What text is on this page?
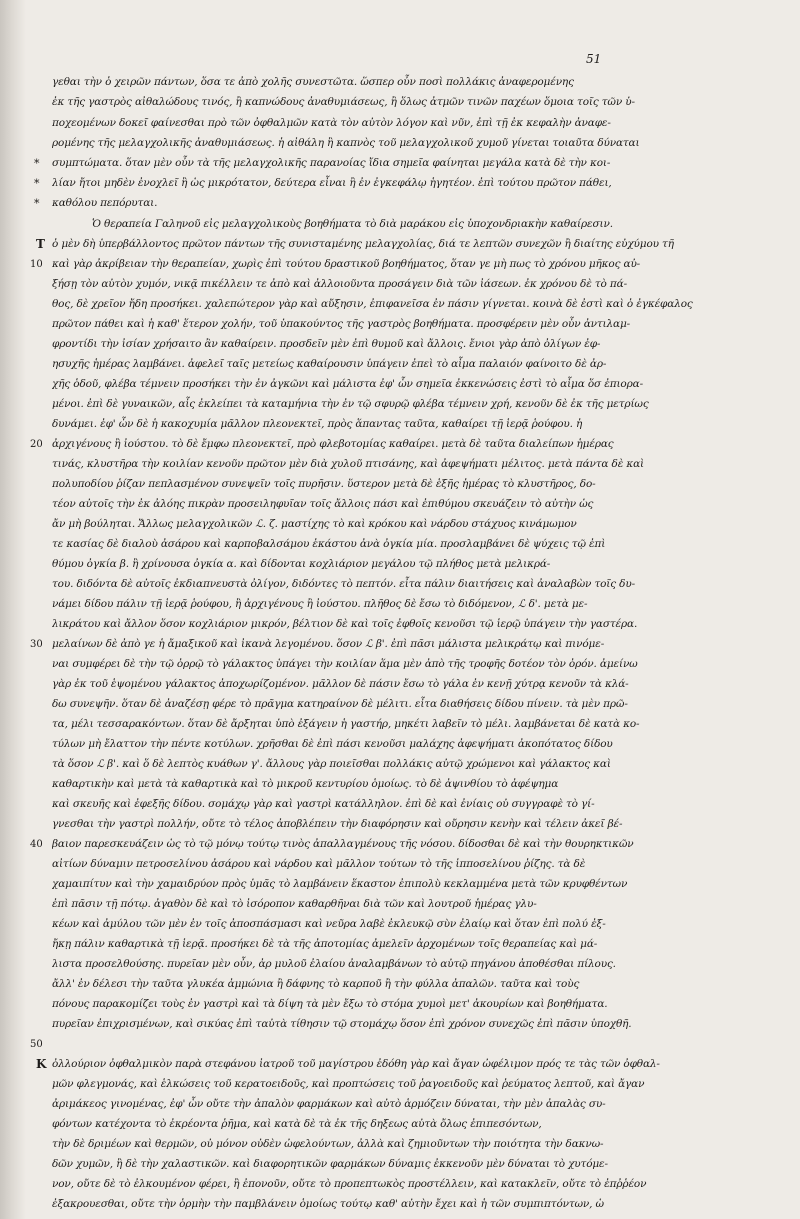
51
γεθαι τὴν ὁ χειρῶν πάντων, ὅσα τε ἀπὸ χολῆς συνεστῶτα. ὥσπερ οὖν ποσὶ πολλάκις ἀναφερομένης
ἐκ τῆς γαστρὸς αἰθαλώδους τινός, ἢ καπνώδους ἀναθυμιάσεως, ἢ ὅλως ἀτμῶν τινῶν παχέων ὅμοια τοῖς τῶν ὑ-
ποχεομένων δοκεῖ φαίνεσθαι πρὸ τῶν ὀφθαλμῶν κατὰ τὸν αὐτὸν λόγον καὶ νῦν, ἐπὶ τῇ ἐκ κεφαλὴν ἀναφε-
ρομένης τῆς μελαγχολικῆς ἀναθυμιάσεως. ἡ αἰθάλη ἢ καπνὸς τοῦ μελαγχολικοῦ χυμοῦ γίνεται τοιαῦτα δύναται
* συμπτώματα. ὅταν μὲν οὖν τὰ τῆς μελαγχολικῆς παρανοίας ἴδια σημεῖα φαίνηται μεγάλα κατὰ δὲ τὴν κοι-
* λίαν ἤτοι μηδὲν ἐνοχλεῖ ἢ ὡς μικρότατον, δεύτερα εἶναι ἢ ἐν ἐγκεφάλῳ ἡγητέον. ἐπὶ τούτου πρῶτον πάθει,
* καθόλου πεπόρυται.
Ὁ θεραπεία Γαληνοῦ εἰς μελαγχολικοὺς βοηθήματα τὸ διὰ μαράκου εἰς ὑποχονδριακὴν καθαίρεσιν.
T ὁ μὲν δὴ ὑπερβάλλοντος πρῶτον πάντων τῆς συνισταμένης μελαγχολίας, διά τε λεπτῶν συνεχῶν ἢ διαίτης εὐχύμου τῆ
10 καὶ γὰρ ἀκρίβειαν τὴν θεραπείαν, χωρὶς ἐπὶ τούτου δραστικοῦ βοηθήματος, ὅταν γε μὴ πως τὸ χρόνου μῆκος αὐ-
ξήσῃ τὸν αὐτὸν χυμόν, νικᾷ πικέλλειν τε ἀπὸ καὶ ἀλλοιοῦντα προσάγειν διὰ τῶν ἰάσεων. ἐκ χρόνου δὲ τὸ πά-
θος, δὲ χρεῖον ἤδη προσήκει. χαλεπώτερον γὰρ καὶ αὔξησιν, ἐπιφανεῖσα ἐν πάσιν γίγνεται. κοινὰ δὲ ἐστὶ καὶ ὁ ἐγκέφαλος
πρῶτον πάθει καὶ ἡ καθ' ἕτερον χολήν, τοῦ ὑπακούντος τῆς γαστρὸς βοηθήματα. προσφέρειν μὲν οὖν ἀντιλαμ-
φροντίδι τὴν ἰσίαν χρήσαιτο ἂν καθαίρειν. προσδεῖν μὲν ἐπὶ θυμοῦ καὶ ἄλλοις. ἔνιοι γὰρ ἀπὸ ὀλίγων ἐφ-
ησυχῆς ἡμέρας λαμβάνει. ἀφελεῖ ταῖς μετείως καθαίρουσιν ὑπάγειν ἐπεὶ τὸ αἷμα παλαιόν φαίνοιτο δὲ ἀρ-
χῆς ὁδοῦ, φλέβα τέμνειν προσήκει τὴν ἐν ἀγκῶνι καὶ μάλιστα ἐφ' ὧν σημεῖα ἐκκενώσεις ἐστὶ τὸ αἷμα ὅσ ἐπιορα-
μένοι. ἐπὶ δὲ γυναικῶν, αἷς ἐκλείπει τὰ καταμήνια τὴν ἐν τῷ σφυρῷ φλέβα τέμνειν χρή, κενοῦν δὲ ἐκ τῆς μετρίως
δυνάμει. ἐφ' ὧν δὲ ἡ κακοχυμία μᾶλλον πλεονεκτεῖ, πρὸς ἅπαντας ταῦτα, καθαίρει τῇ ἱερᾷ ῥούφου. ἡ
20 ἀρχιγένους ἢ ἰούστου. τὸ δὲ ἔμφω πλεονεκτεῖ, πρὸ φλεβοτομίας καθαίρει. μετὰ δὲ ταῦτα διαλείπων ἡμέρας
τινάς, κλυστῆρα τὴν κοιλίαν κενοῦν πρῶτον μὲν διὰ χυλοῦ πτισάνης, καὶ ἀφεψήματι μέλιτος. μετὰ πάντα δὲ καὶ
πολυποδίου ῥίζαν πεπλασμένον συνεψεῖν τοῖς πυρῆσιν. ὕστερον μετὰ δὲ ἑξῆς ἡμέρας τὸ κλυστῆρος, δο-
τέον αὐτοῖς τὴν ἐκ ἀλόης πικρὰν προσειληφυῖαν τοῖς ἄλλοις πάσι καὶ ἐπιθύμου σκευάζειν τὸ αὐτὴν ὡς
ἄν μὴ βούληται. Ἄλλως μελαγχολικῶν ℒ. ζ. μαστίχης τὸ καὶ κρόκου καὶ νάρδου στάχυος κινάμωμον
τε κασίας δὲ διαλοὺ ἀσάρου καὶ καρποβαλσάμου ἑκάστου ἀνὰ ὀγκία μία. προσλαμβάνει δὲ ψύχεις τῷ ἐπὶ
θύμου ὀγκία β. ἢ χρίνουσα ὀγκία α. καὶ δίδονται κοχλιάριον μεγάλου τῷ πλήθος μετὰ μελικρά-
του. διδόντα δὲ αὐτοῖς ἐκδιαπνευστὰ ὀλίγον, διδόντες τὸ πεπτόν. εἶτα πάλιν διαιτήσεις καὶ ἀναλαβὼν τοῖς δυ-
νάμει δίδου πάλιν τῇ ἱερᾷ ῥούφου, ἢ ἀρχιγένους ἢ ἰούστου. πλῆθος δὲ ἔσω τὸ διδόμενον, ℒ δ'. μετὰ με-
λικράτου καὶ ἄλλον ὅσον κοχλιάριον μικρόν, βέλτιον δὲ καὶ τοῖς ἐφθοῖς κενοῦσι τῷ ἱερῷ ὑπάγειν τὴν γαστέρα.
30 μελαίνων δὲ ἀπὸ γε ἡ ἄμαξικοῦ καὶ ἰκανὰ λεγομένου. ὅσον ℒ β'. ἐπὶ πᾶσι μάλιστα μελικράτῳ καὶ πινόμε-
ναι συμφέρει δὲ τὴν τῷ ὀρρῷ τὸ γάλακτος ὑπάγει τὴν κοιλίαν ἅμα μὲν ἀπὸ τῆς τροφῆς δοτέον τὸν ὀρόν. ἀμείνω
γὰρ ἐκ τοῦ ἑψομένου γάλακτος ἀποχωρίζομένον. μᾶλλον δὲ πάσιν ἔσω τὸ γάλα ἐν κενῇ χύτρᾳ κενοῦν τὰ κλά-
δω συνεψῆν. ὅταν δὲ ἀναζέσῃ φέρε τὸ πρᾶγμα κατηραίνον δὲ μέλιτι. εἶτα διαθήσεις δίδου πίνειν. τὰ μὲν πρῶ-
τα, μέλι τεσσαρακόντων. ὅταν δὲ ἄρξηται ὑπὸ ἐξάγειν ἡ γαστήρ, μηκέτι λαβεῖν τὸ μέλι. λαμβάνεται δὲ κατὰ κο-
τύλων μὴ ἔλαττον τὴν πέντε κοτύλων. χρῆσθαι δὲ ἐπὶ πάσι κενοῦσι μαλάχης ἀφεψήματι ἀκοπότατος δίδου
τὰ ὅσον ℒ β'. καὶ ὅ δὲ λεπτὸς κυάθων γ'. ἄλλους γὰρ ποιεῖσθαι πολλάκις αὐτῷ χρώμενοι καὶ γάλακτος καὶ
καθαρτικὴν καὶ μετὰ τὰ καθαρτικὰ καὶ τὸ μικροῦ κεντυρίου ὁμοίως. τὸ δὲ ἀψινθίου τὸ ἀφέψημα
καὶ σκευῆς καὶ ἐφεξῆς δίδου. σομάχῳ γὰρ καὶ γαστρὶ κατάλληλον. ἐπὶ δὲ καὶ ἐνίαις οὐ συγγραφὲ τὸ γί-
γνεσθαι τὴν γαστρὶ πολλήν, οὔτε τὸ τέλος ἀποβλέπειν τὴν διαφόρησιν καὶ οὔρησιν κενὴν καὶ τέλειν ἀκεῖ βέ-
40 βαιον παρεσκευάζειν ὡς τὸ τῷ μόνῳ τούτῳ τινὸς ἀπαλλαγμένους τῆς νόσου. δίδοσθαι δὲ καὶ τὴν θουρηκτικῶν
αἰτίων δύναμιν πετροσελίνου ἀσάρου καὶ νάρδου καὶ μᾶλλον τούτων τὸ τῆς ἱπποσελίνου ῥίζης. τὰ δὲ
χαμαιπίτυν καὶ τὴν χαμαιδρύον πρὸς ὑμᾶς τὸ λαμβάνειν ἕκαστον ἐπιπολὺ κεκλαμμένα μετὰ τῶν κρυφθέντων
ἐπὶ πᾶσιν τῇ πότῳ. ἀγαθὸν δὲ καὶ τὸ ἰσόροπον καθαρθῆναι διὰ τῶν καὶ λουτροῦ ἡμέρας γλυ-
κέων καὶ ἀμύλου τῶν μὲν ἐν τοῖς ἀποσπάσμασι καὶ νεῦρα λαβὲ ἐκλευκῷ σὺν ἐλαίῳ καὶ ὅταν ἐπὶ πολύ ἐξ-
ἤκῃ πάλιν καθαρτικὰ τῇ ἱερᾷ. προσήκει δὲ τὰ τῆς ἀποτομίας ἀμελεῖν ἀρχομένων τοῖς θεραπείας καὶ μά-
λιστα προσελθούσης. πυρεῖαν μὲν οὖν, ἀρ μυλοῦ ἐλαίου ἀναλαμβάνων τὸ αὐτῷ πηγάνου ἀποθέσθαι πίλους.
ἄλλ' ἐν δέλεσι τὴν ταῦτα γλυκέα ἀμμώνια ἢ δάφνης τὸ καρποῦ ἢ τὴν φύλλα ἀπαλῶν. ταῦτα καὶ τοὺς
πόνους παρακομίζει τοὺς ἐν γαστρὶ καὶ τὰ δίψη τὰ μὲν ἔξω τὸ στόμα χυμοὶ μετ' ἀκουρίων καὶ βοηθήματα.
πυρεῖαν ἐπιχρισμένων, καὶ σικύας ἐπὶ ταὐτὰ τίθησιν τῷ στομάχῳ ὅσον ἐπὶ χρόνον συνεχῶς ἐπὶ πᾶσιν ὑποχθῆ.
50
K ὀλλούριον ὀφθαλμικὸν παρὰ στεφάνου ἰατροῦ τοῦ μαγίστρου ἐδόθη γὰρ καὶ ἄγαν ὠφέλιμον πρός τε τὰς τῶν ὀφθαλ-
μῶν φλεγμονάς, καὶ ἑλκώσεις τοῦ κερατοειδοῦς, καὶ προπτώσεις τοῦ ῥαγοειδοῦς καὶ ῥεύματος λεπτοῦ, καὶ ἄγαν
ἀριμάκεος γινομένας, ἐφ' ὧν οὔτε τὴν ἀπαλὸν φαρμάκων καὶ αὐτὸ ἁρμόζειν δύναται, τὴν μὲν ἀπαλὰς συ-
φόντων κατέχοντα τὸ ἐκρέοντα ῥῆμα, καὶ κατὰ δὲ τὰ ἐκ τῆς δηξεως αὐτὰ ὄλως ἐπιπεσόντων,
τὴν δὲ δριμέων καὶ θερμῶν, οὐ μόνον οὐδὲν ὠφελούντων, ἀλλὰ καὶ ζημιοῦντων τὴν ποιότητα τὴν δακνω-
δῶν χυμῶν, ἢ δὲ τὴν χαλαστικῶν. καὶ διαφορητικῶν φαρμάκων δύναμις ἐκκενοῦν μὲν δύναται τὸ χυτόμε-
νον, οὔτε δὲ τὸ ἐλκουμένον φέρει, ἢ ἐπονοῦν, οὔτε τὸ προπεπτωκὸς προστέλλειν, καὶ κατακλεῖν, οὔτε τὸ ἐπῤῥέον
ἐξακρουεσθαι, οὔτε τὴν ὁρμὴν τὴν παμβλάνειν ὁμοίως τούτῳ καθ' αὐτὴν ἔχει καὶ ἡ τῶν συμπιπτόντων, ὡ
